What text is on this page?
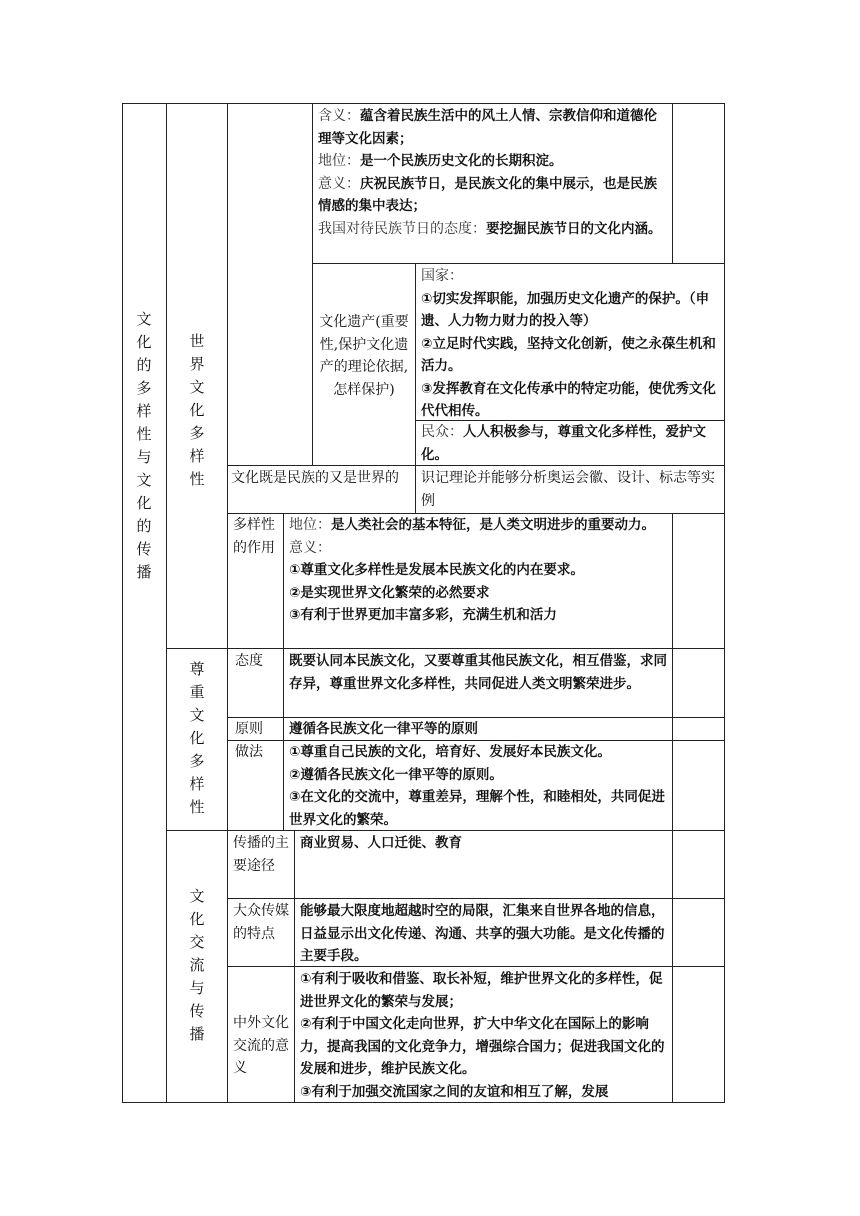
文
化
的
多
样
性
与
文
化
的
传
播
世
界
文
化
多
样
性
尊
重
文
化
多
样
性
文
化
交
流
与
传
播
含义：蕴含着民族生活中的风土人情、宗教信仰和道德伦理等文化因素；
地位：是一个民族历史文化的长期积淀。
意义：庆祝民族节日，是民族文化的集中展示，也是民族情感的集中表达；
我国对待民族节日的态度：要挖掘民族节日的文化内涵。
文化遗产(重要性,保护文化遗产的理论依据,怎样保护)
国家：
①切实发挥职能，加强历史文化遗产的保护。（申遗、人力物力财力的投入等）
②立足时代实践，坚持文化创新，使之永葆生机和活力。
③发挥教育在文化传承中的特定功能，使优秀文化代代相传。
民众：人人积极参与，尊重文化多样性，爱护文化。
文化既是民族的又是世界的	识记理论并能够分析奥运会徽、设计、标志等实例
多样性的作用
地位：是人类社会的基本特征，是人类文明进步的重要动力。
意义：
①尊重文化多样性是发展本民族文化的内在要求。
②是实现世界文化繁荣的必然要求
③有利于世界更加丰富多彩，充满生机和活力
态度 既要认同本民族文化，又要尊重其他民族文化，相互借鉴，求同存异，尊重世界文化多样性，共同促进人类文明繁荣进步。
原则 遵循各民族文化一律平等的原则
做法 ①尊重自己民族的文化，培育好、发展好本民族文化。
②遵循各民族文化一律平等的原则。
③在文化的交流中，尊重差异，理解个性，和睦相处，共同促进世界文化的繁荣。
传播的主要途径
商业贸易、人口迁徙、教育
大众传媒的特点
能够最大限度地超越时空的局限，汇集来自世界各地的信息，日益显示出文化传递、沟通、共享的强大功能。是文化传播的主要手段。
中外文化交流的意义
①有利于吸收和借鉴、取长补短，维护世界文化的多样性，促进世界文化的繁荣与发展；
②有利于中国文化走向世界，扩大中华文化在国际上的影响力，提高我国的文化竞争力，增强综合国力；促进我国文化的发展和进步，维护民族文化。
③有利于加强交流国家之间的友谊和相互了解，发展
